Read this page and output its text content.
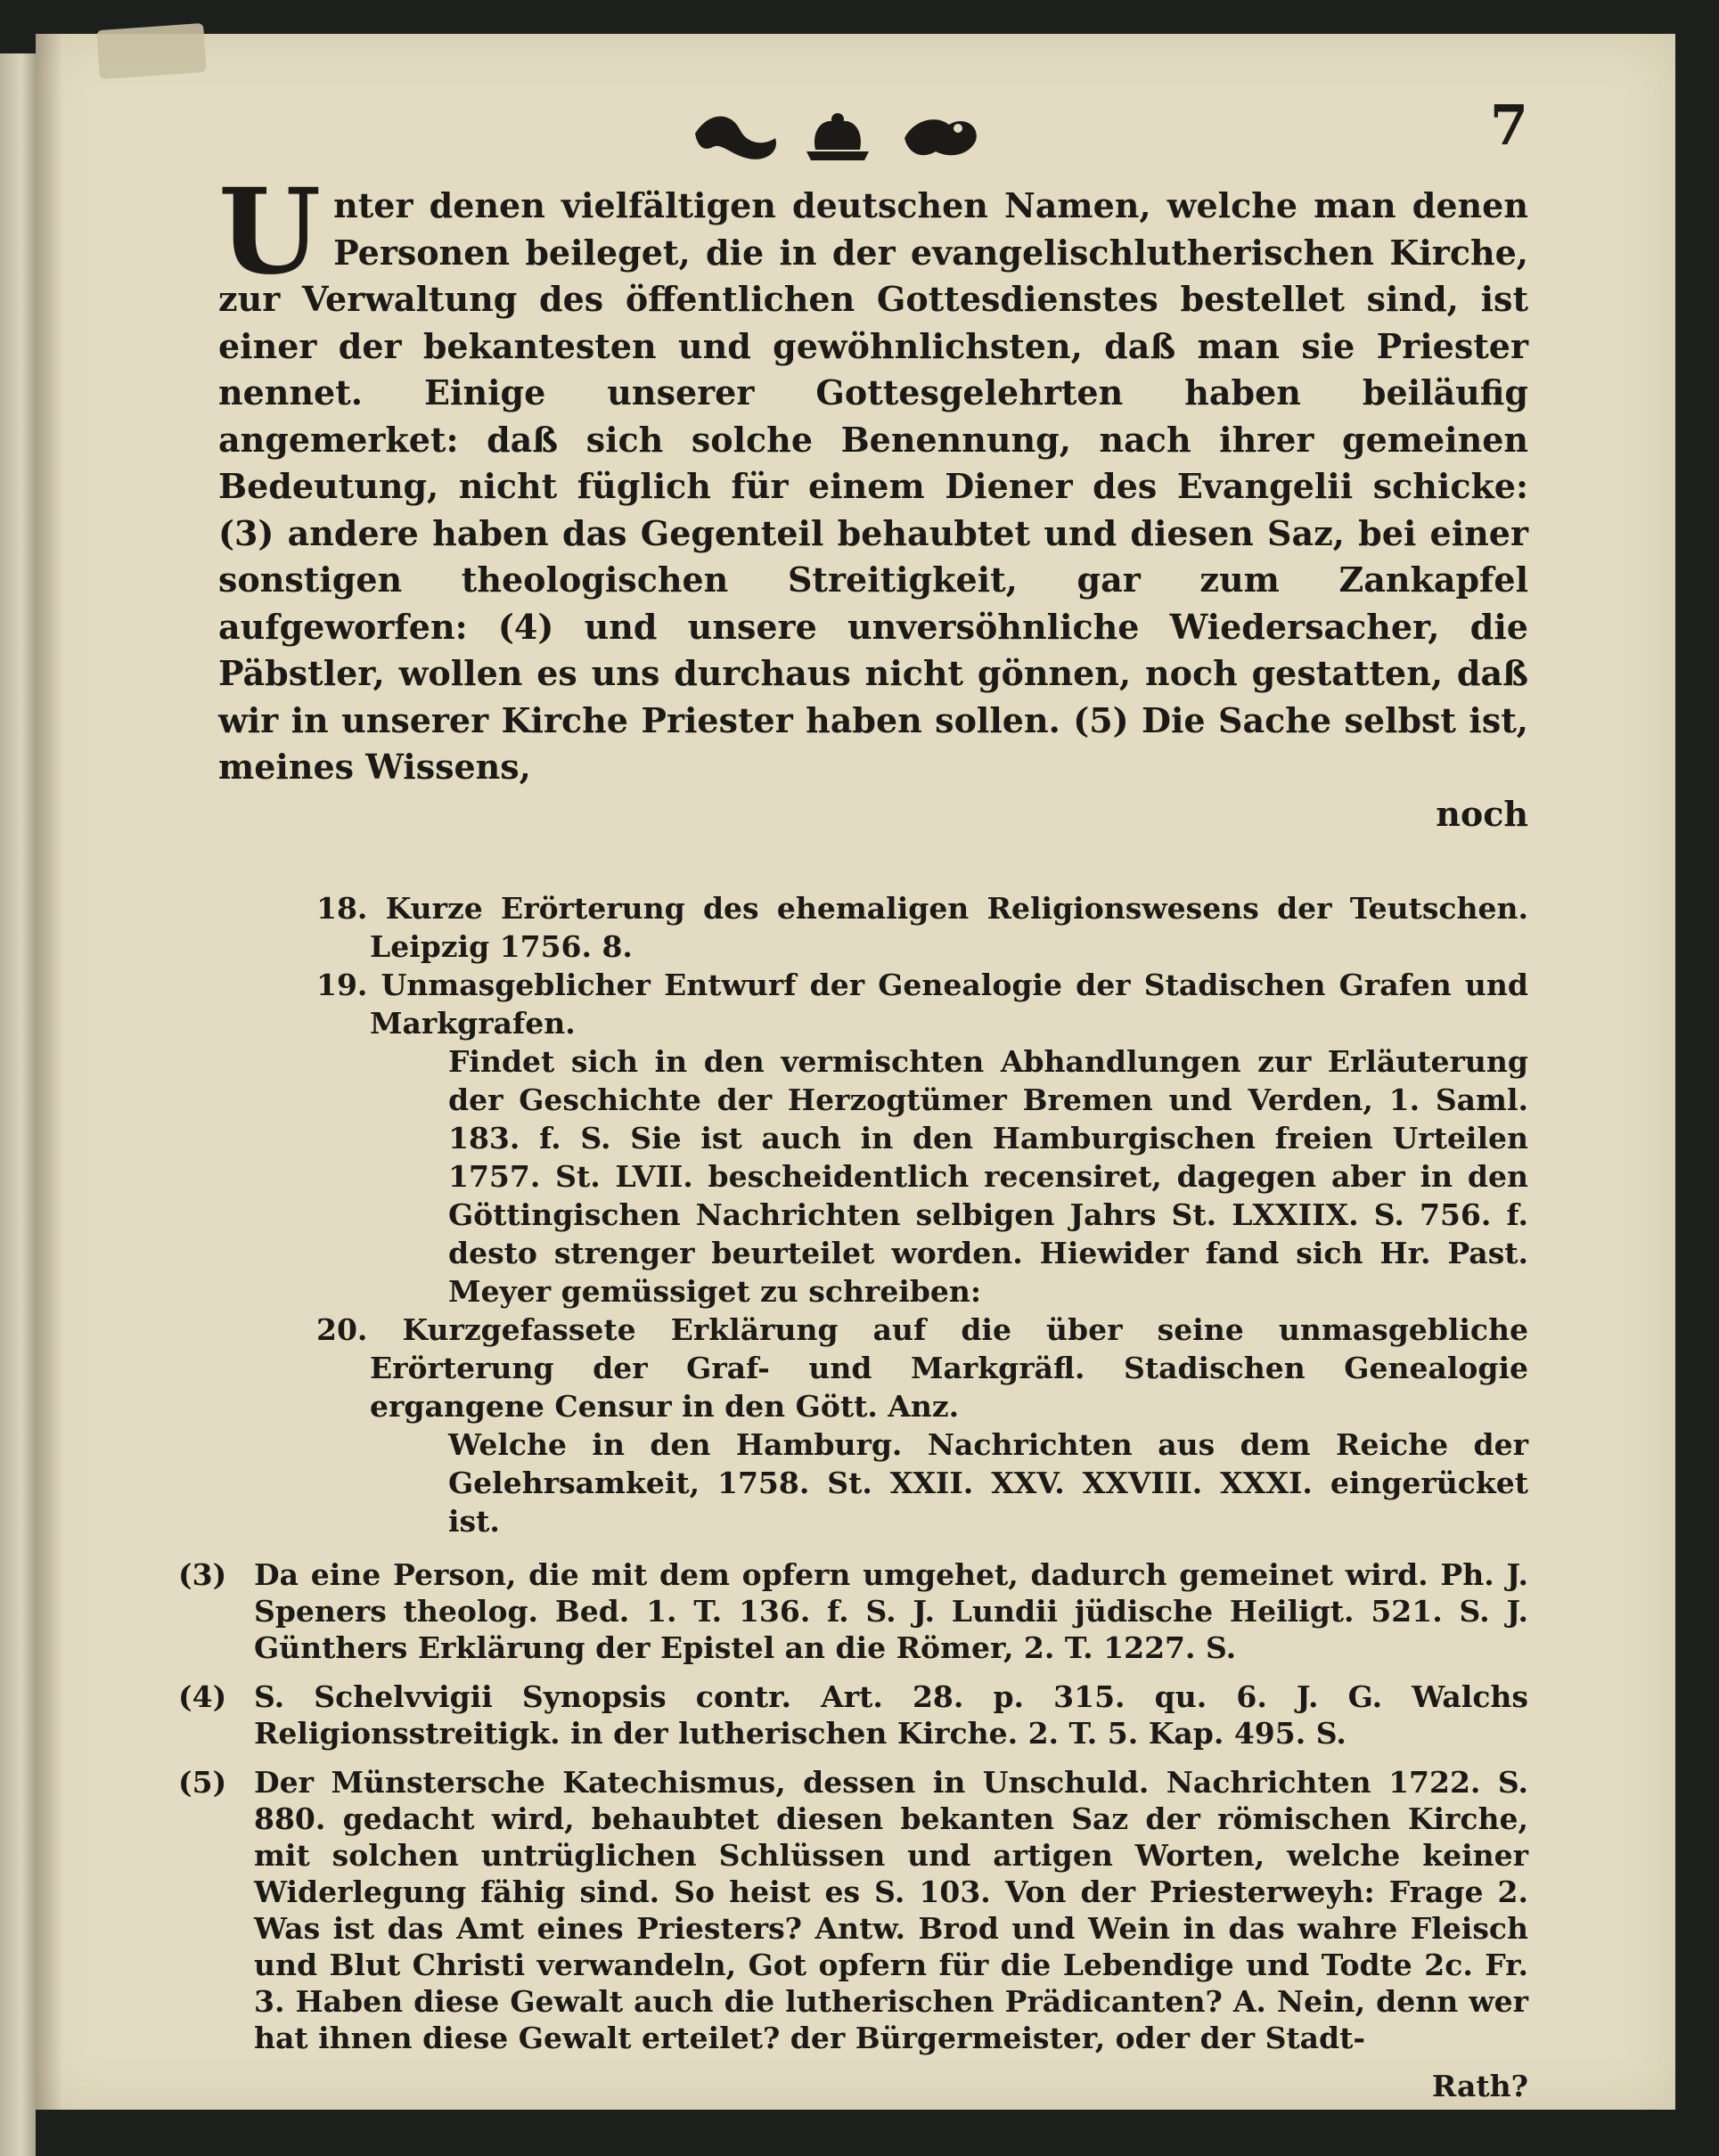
7

Unter denen vielfältigen deutschen Namen, welche man denen Personen beileget, die in der evangelischlutherischen Kirche, zur Verwaltung des öffentlichen Gottesdienstes bestellet sind, ist einer der bekantesten und gewöhnlichsten, daß man sie Priester nennet. Einige unserer Gottesgelehrten haben beiläufig angemerket: daß sich solche Benennung, nach ihrer gemeinen Bedeutung, nicht füglich für einem Diener des Evangelii schicke: (3) andere haben das Gegenteil behaubtet und diesen Saz, bei einer sonstigen theologischen Streitigkeit, gar zum Zankapfel aufgeworfen: (4) und unsere unversöhnliche Wiedersacher, die Päbstler, wollen es uns durchaus nicht gönnen, noch gestatten, daß wir in unserer Kirche Priester haben sollen. (5) Die Sache selbst ist, meines Wissens,

noch

18. Kurze Erörterung des ehemaligen Religionswesens der Teutschen. Leipzig 1756. 8.

19. Unmasgeblicher Entwurf der Genealogie der Stadischen Grafen und Markgrafen.

Findet sich in den vermischten Abhandlungen zur Erläuterung der Geschichte der Herzogtümer Bremen und Verden, 1. Saml. 183. f. S. Sie ist auch in den Hamburgischen freien Urteilen 1757. St. LVII. bescheidentlich recensiret, dagegen aber in den Göttingischen Nachrichten selbigen Jahrs St. LXXIIX. S. 756. f. desto strenger beurteilet worden. Hiewider fand sich Hr. Past. Meyer gemüssiget zu schreiben:

20. Kurzgefassete Erklärung auf die über seine unmasgebliche Erörterung der Graf- und Markgräfl. Stadischen Genealogie ergangene Censur in den Gött. Anz.

Welche in den Hamburg. Nachrichten aus dem Reiche der Gelehrsamkeit, 1758. St. XXII. XXV. XXVIII. XXXI. eingerücket ist.

(3) Da eine Person, die mit dem opfern umgehet, dadurch gemeinet wird. Ph. J. Speners theolog. Bed. 1. T. 136. f. S. J. Lundii jüdische Heiligt. 521. S. J. Günthers Erklärung der Epistel an die Römer, 2. T. 1227. S.

(4) S. Schelvvigii Synopsis contr. Art. 28. p. 315. qu. 6. J. G. Walchs Religionsstreitigk. in der lutherischen Kirche. 2. T. 5. Kap. 495. S.

(5) Der Münstersche Katechismus, dessen in Unschuld. Nachrichten 1722. S. 880. gedacht wird, behaubtet diesen bekanten Saz der römischen Kirche, mit solchen untrüglichen Schlüssen und artigen Worten, welche keiner Widerlegung fähig sind. So heist es S. 103. Von der Priesterweyh: Frage 2. Was ist das Amt eines Priesters? Antw. Brod und Wein in das wahre Fleisch und Blut Christi verwandeln, Got opfern für die Lebendige und Todte 2c. Fr. 3. Haben diese Gewalt auch die lutherischen Prädicanten? A. Nein, denn wer hat ihnen diese Gewalt erteilet? der Bürgermeister, oder der Stadt-

Rath?
